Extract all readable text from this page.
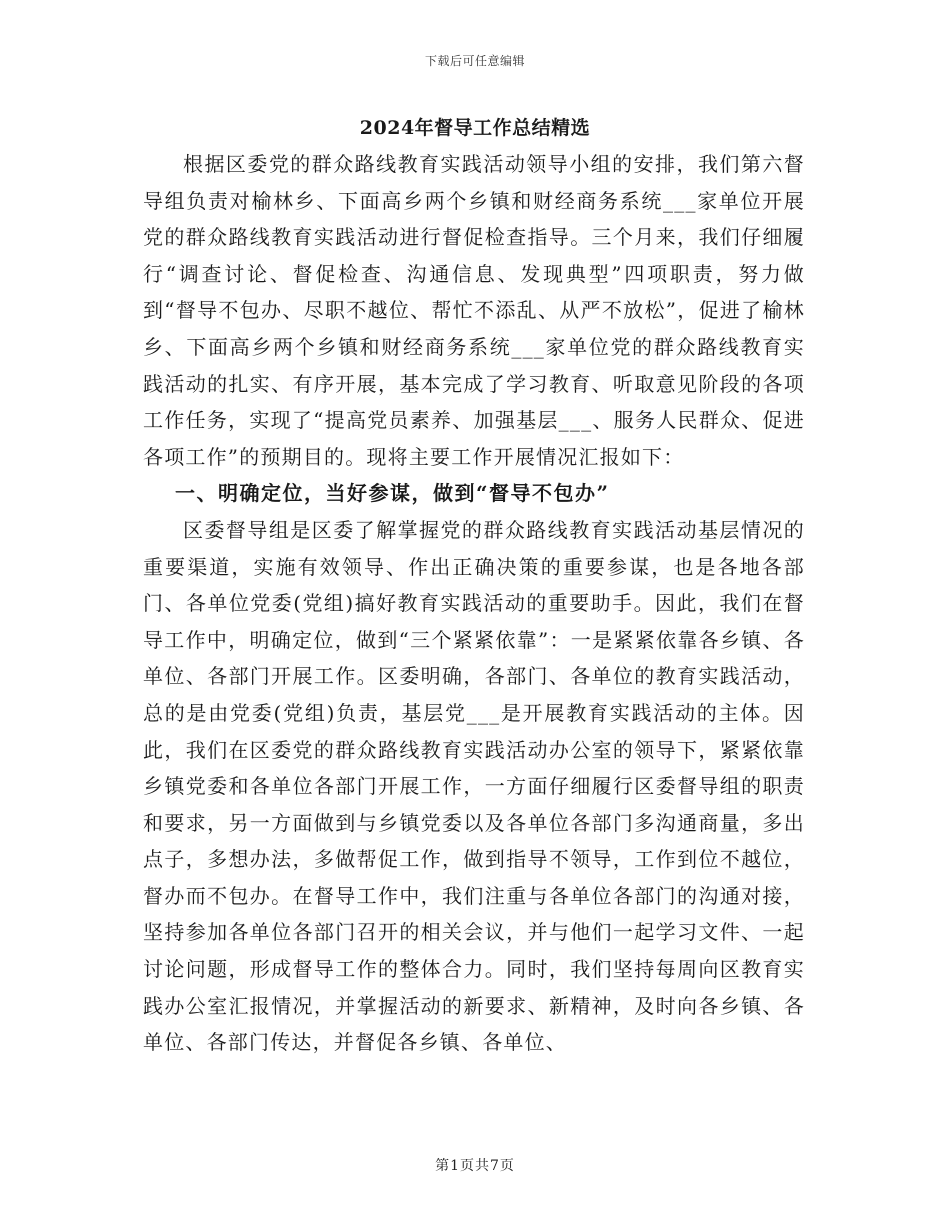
下载后可任意编辑
2024年督导工作总结精选

根据区委党的群众路线教育实践活动领导小组的安排，我们第六督导组负责对榆林乡、下面高乡两个乡镇和财经商务系统___家单位开展党的群众路线教育实践活动进行督促检查指导。三个月来，我们仔细履行“调查讨论、督促检查、沟通信息、发现典型”四项职责，努力做到“督导不包办、尽职不越位、帮忙不添乱、从严不放松”，促进了榆林乡、下面高乡两个乡镇和财经商务系统___家单位党的群众路线教育实践活动的扎实、有序开展，基本完成了学习教育、听取意见阶段的各项工作任务，实现了“提高党员素养、加强基层___、服务人民群众、促进各项工作”的预期目的。现将主要工作开展情况汇报如下：

一、明确定位，当好参谋，做到“督导不包办”

区委督导组是区委了解掌握党的群众路线教育实践活动基层情况的重要渠道，实施有效领导、作出正确决策的重要参谋，也是各地各部门、各单位党委(党组)搞好教育实践活动的重要助手。因此，我们在督导工作中，明确定位，做到“三个紧紧依靠”：一是紧紧依靠各乡镇、各单位、各部门开展工作。区委明确，各部门、各单位的教育实践活动，总的是由党委(党组)负责，基层党___是开展教育实践活动的主体。因此，我们在区委党的群众路线教育实践活动办公室的领导下，紧紧依靠乡镇党委和各单位各部门开展工作，一方面仔细履行区委督导组的职责和要求，另一方面做到与乡镇党委以及各单位各部门多沟通商量，多出点子，多想办法，多做帮促工作，做到指导不领导，工作到位不越位，督办而不包办。在督导工作中，我们注重与各单位各部门的沟通对接，坚持参加各单位各部门召开的相关会议，并与他们一起学习文件、一起讨论问题，形成督导工作的整体合力。同时，我们坚持每周向区教育实践办公室汇报情况，并掌握活动的新要求、新精神，及时向各乡镇、各单位、各部门传达，并督促各乡镇、各单位、

第1页共7页
